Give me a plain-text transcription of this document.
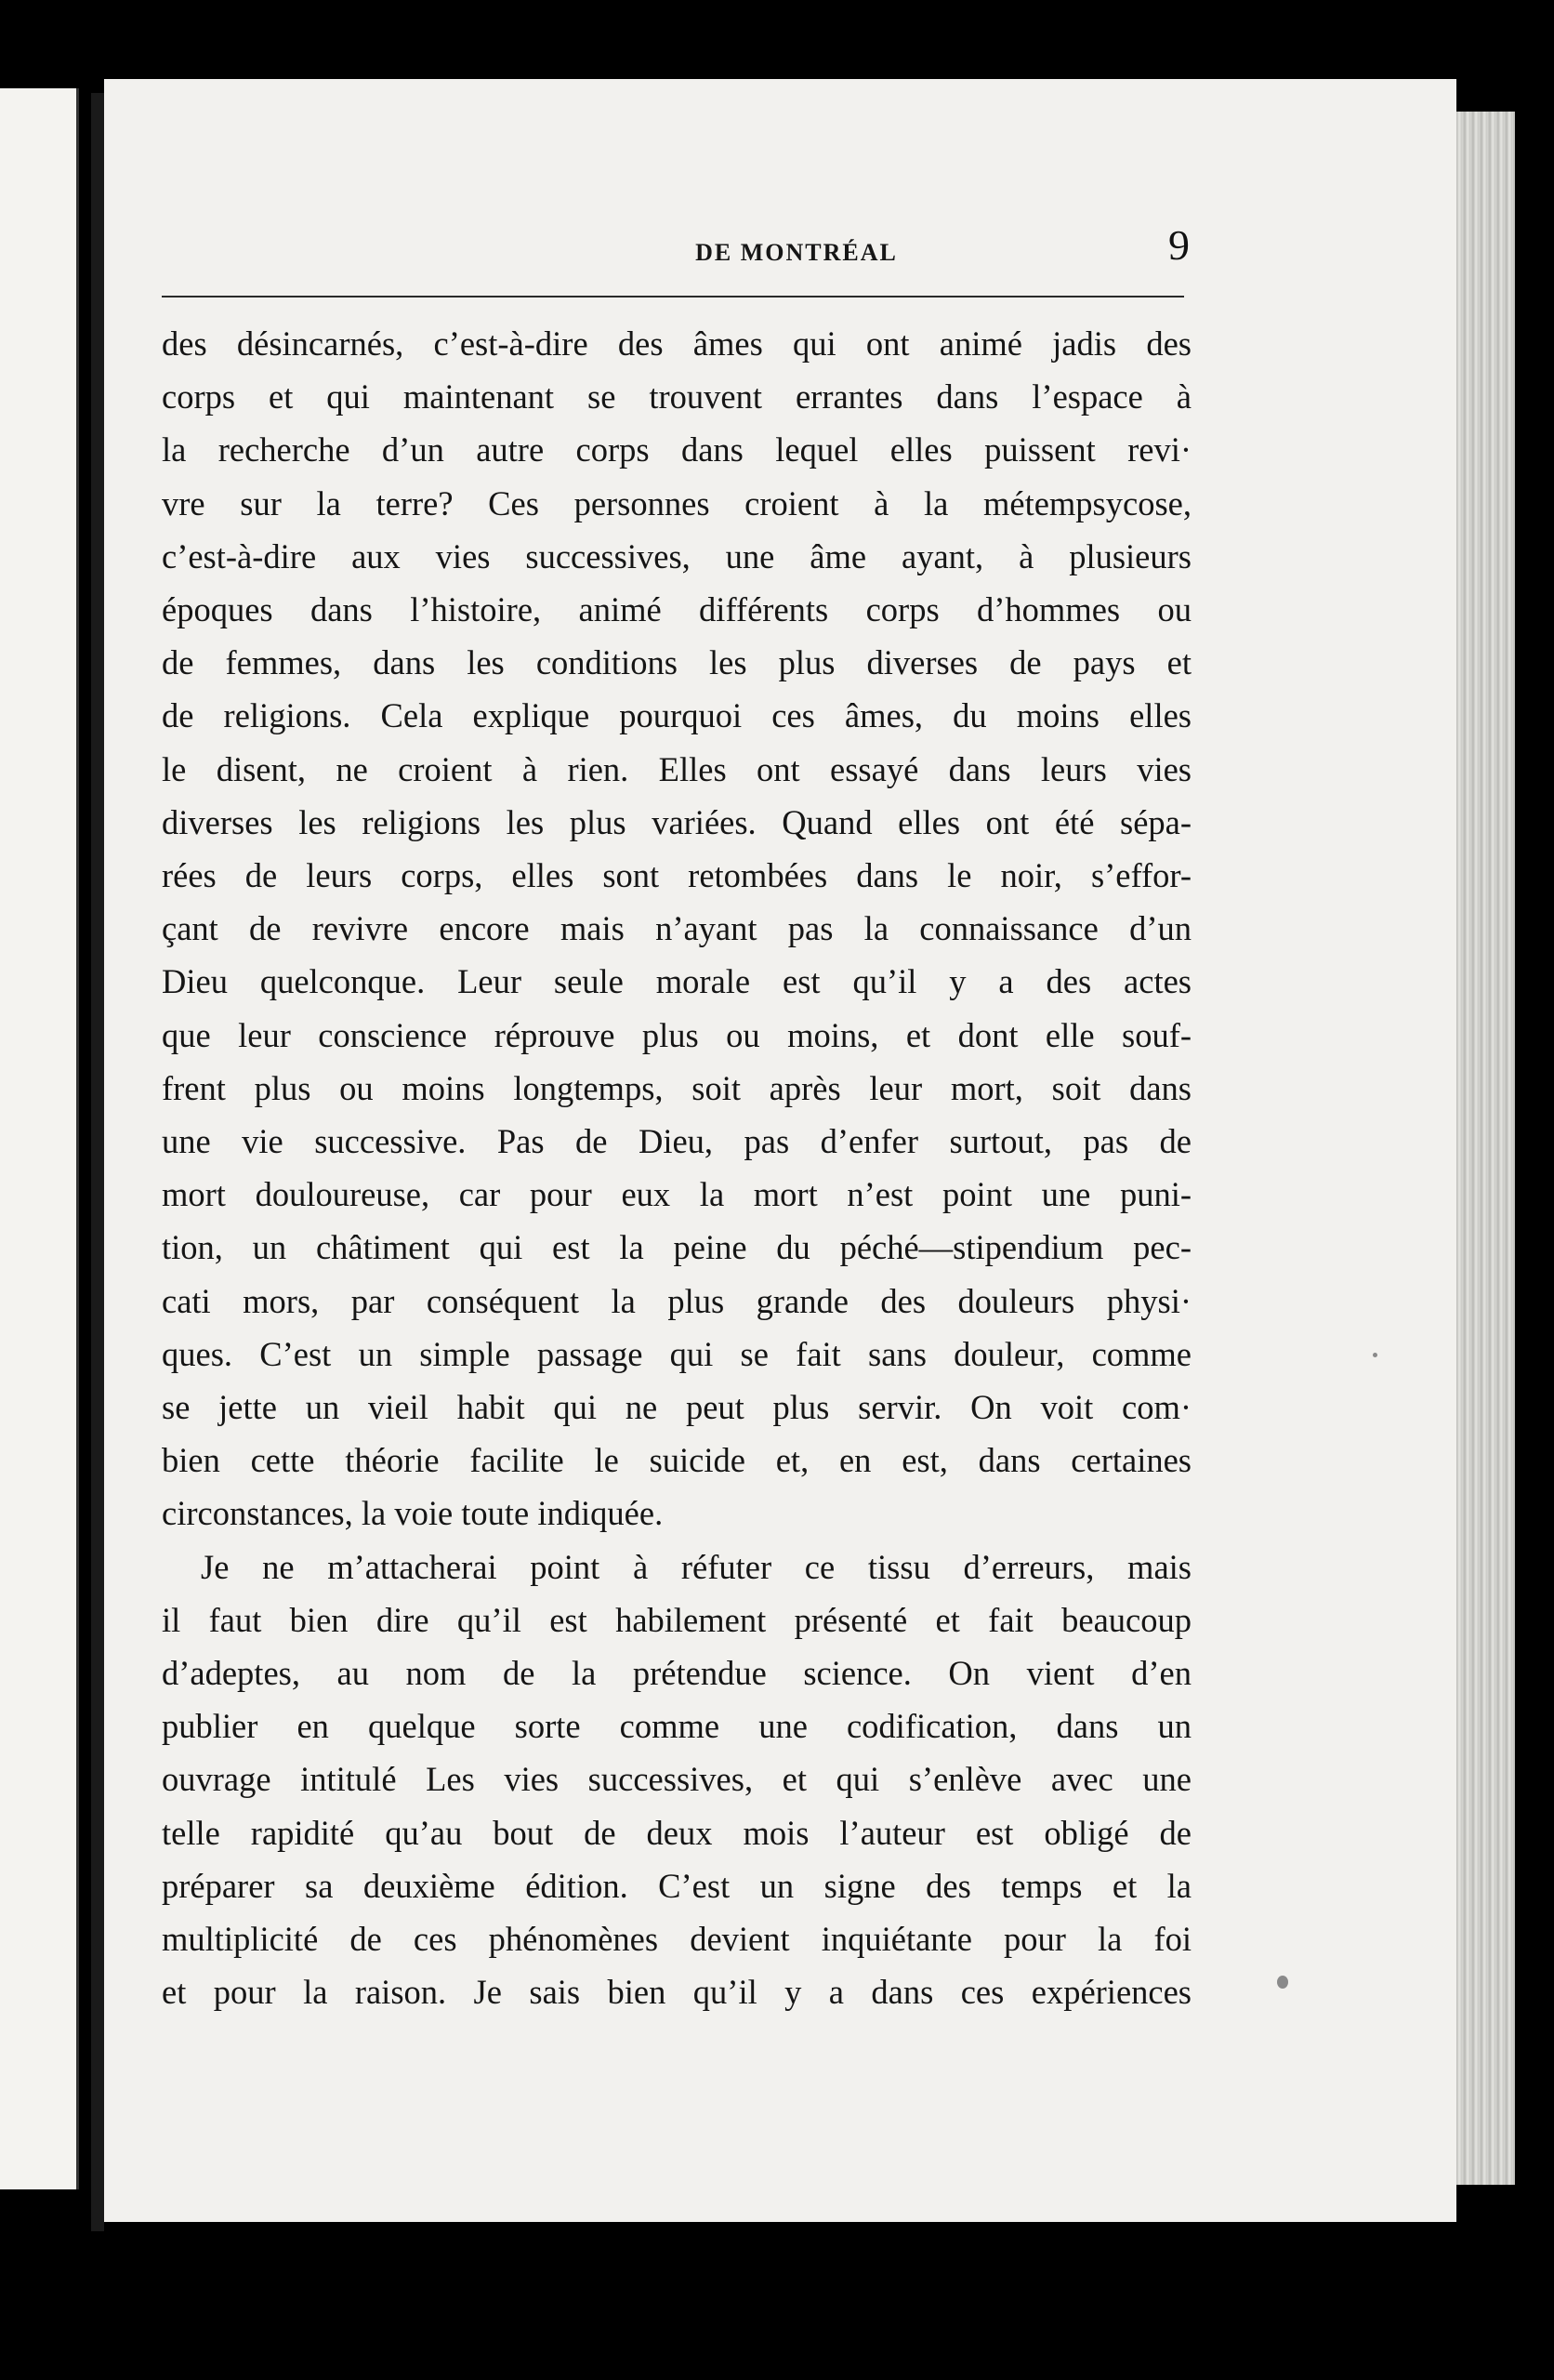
DE MONTRÉAL	9
des désincarnés, c’est-à-dire des âmes qui ont animé jadis des
corps et qui maintenant se trouvent errantes dans l’espace à
la recherche d’un autre corps dans lequel elles puissent revi·
vre sur la terre? Ces personnes croient à la métempsycose,
c’est-à-dire aux vies successives, une âme ayant, à plusieurs
époques dans l’histoire, animé différents corps d’hommes ou
de femmes, dans les conditions les plus diverses de pays et
de religions. Cela explique pourquoi ces âmes, du moins elles
le disent, ne croient à rien. Elles ont essayé dans leurs vies
diverses les religions les plus variées. Quand elles ont été sépa-
rées de leurs corps, elles sont retombées dans le noir, s’effor-
çant de revivre encore mais n’ayant pas la connaissance d’un
Dieu quelconque. Leur seule morale est qu’il y a des actes
que leur conscience réprouve plus ou moins, et dont elle souf-
frent plus ou moins longtemps, soit après leur mort, soit dans
une vie successive. Pas de Dieu, pas d’enfer surtout, pas de
mort douloureuse, car pour eux la mort n’est point une puni-
tion, un châtiment qui est la peine du péché—stipendium pec-
cati mors, par conséquent la plus grande des douleurs physi·
ques. C’est un simple passage qui se fait sans douleur, comme
se jette un vieil habit qui ne peut plus servir. On voit com·
bien cette théorie facilite le suicide et, en est, dans certaines
circonstances, la voie toute indiquée.
Je ne m’attacherai point à réfuter ce tissu d’erreurs, mais
il faut bien dire qu’il est habilement présenté et fait beaucoup
d’adeptes, au nom de la prétendue science. On vient d’en
publier en quelque sorte comme une codification, dans un
ouvrage intitulé Les vies successives, et qui s’enlève avec une
telle rapidité qu’au bout de deux mois l’auteur est obligé de
préparer sa deuxième édition. C’est un signe des temps et la
multiplicité de ces phénomènes devient inquiétante pour la foi
et pour la raison. Je sais bien qu’il y a dans ces expériences
